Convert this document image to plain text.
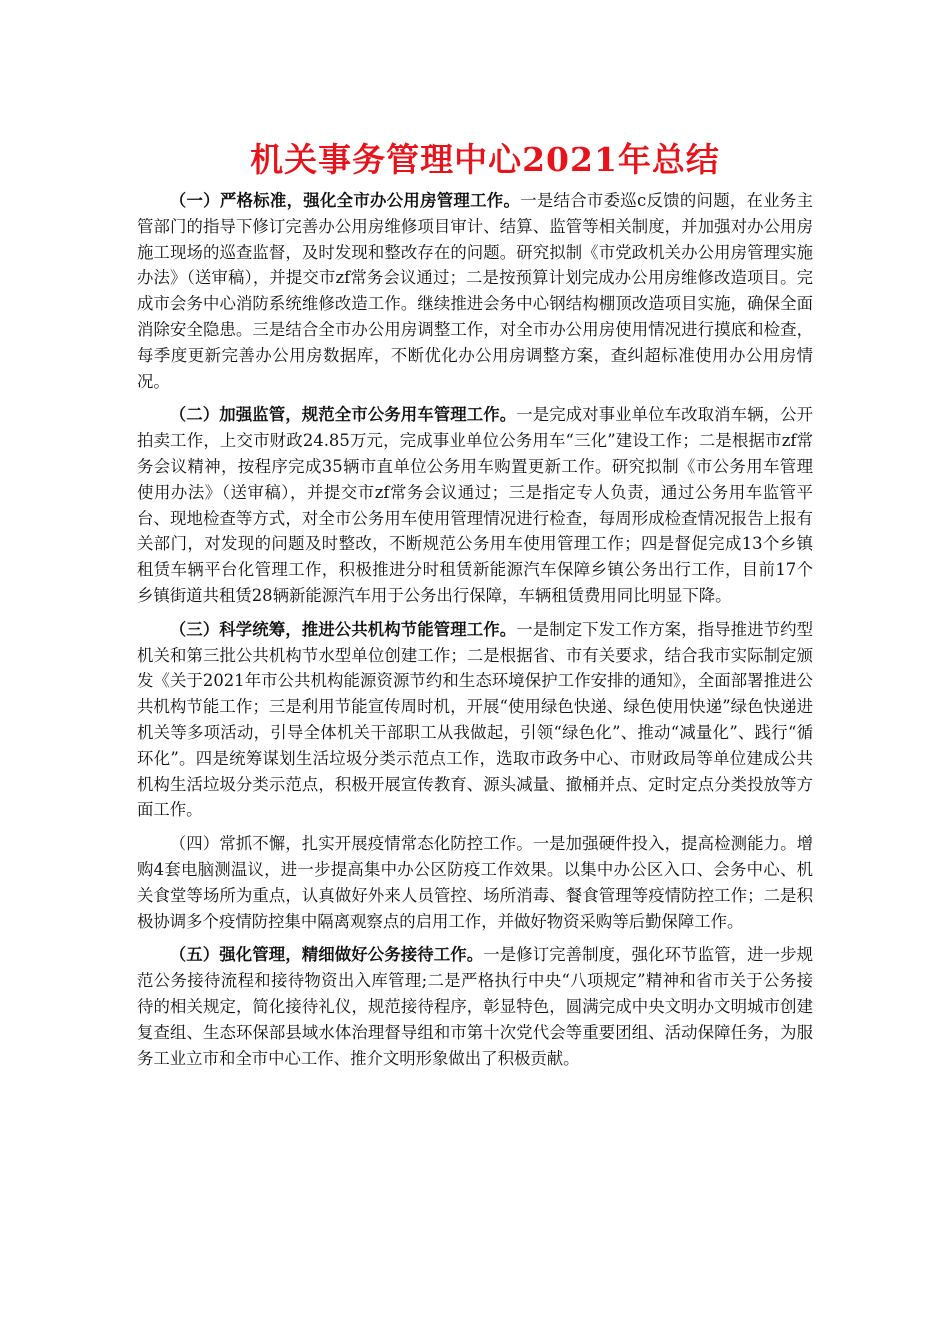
机关事务管理中心2021年总结

（一）严格标准，强化全市办公用房管理工作。一是结合市委巡c反馈的问题，在业务主管部门的指导下修订完善办公用房维修项目审计、结算、监管等相关制度，并加强对办公用房施工现场的巡查监督，及时发现和整改存在的问题。研究拟制《市党政机关办公用房管理实施办法》（送审稿），并提交市zf常务会议通过；二是按预算计划完成办公用房维修改造项目。完成市会务中心消防系统维修改造工作。继续推进会务中心钢结构棚顶改造项目实施，确保全面消除安全隐患。三是结合全市办公用房调整工作，对全市办公用房使用情况进行摸底和检查，每季度更新完善办公用房数据库，不断优化办公用房调整方案，查纠超标准使用办公用房情况。

（二）加强监管，规范全市公务用车管理工作。一是完成对事业单位车改取消车辆，公开拍卖工作，上交市财政24.85万元，完成事业单位公务用车“三化”建设工作；二是根据市zf常务会议精神，按程序完成35辆市直单位公务用车购置更新工作。研究拟制《市公务用车管理使用办法》（送审稿），并提交市zf常务会议通过；三是指定专人负责，通过公务用车监管平台、现地检查等方式，对全市公务用车使用管理情况进行检查，每周形成检查情况报告上报有关部门，对发现的问题及时整改，不断规范公务用车使用管理工作；四是督促完成13个乡镇租赁车辆平台化管理工作，积极推进分时租赁新能源汽车保障乡镇公务出行工作，目前17个乡镇街道共租赁28辆新能源汽车用于公务出行保障，车辆租赁费用同比明显下降。

（三）科学统筹，推进公共机构节能管理工作。一是制定下发工作方案，指导推进节约型机关和第三批公共机构节水型单位创建工作；二是根据省、市有关要求，结合我市实际制定颁发《关于2021年市公共机构能源资源节约和生态环境保护工作安排的通知》，全面部署推进公共机构节能工作；三是利用节能宣传周时机，开展“使用绿色快递、绿色使用快递”绿色快递进机关等多项活动，引导全体机关干部职工从我做起，引领“绿色化”、推动“减量化”、践行“循环化”。四是统筹谋划生活垃圾分类示范点工作，选取市政务中心、市财政局等单位建成公共机构生活垃圾分类示范点，积极开展宣传教育、源头减量、撤桶并点、定时定点分类投放等方面工作。

（四）常抓不懈，扎实开展疫情常态化防控工作。一是加强硬件投入，提高检测能力。增购4套电脑测温议，进一步提高集中办公区防疫工作效果。以集中办公区入口、会务中心、机关食堂等场所为重点，认真做好外来人员管控、场所消毒、餐食管理等疫情防控工作；二是积极协调多个疫情防控集中隔离观察点的启用工作，并做好物资采购等后勤保障工作。

（五）强化管理，精细做好公务接待工作。一是修订完善制度，强化环节监管，进一步规范公务接待流程和接待物资出入库管理;二是严格执行中央“八项规定”精神和省市关于公务接待的相关规定，简化接待礼仪，规范接待程序，彰显特色，圆满完成中央文明办文明城市创建复查组、生态环保部县域水体治理督导组和市第十次党代会等重要团组、活动保障任务，为服务工业立市和全市中心工作、推介文明形象做出了积极贡献。
